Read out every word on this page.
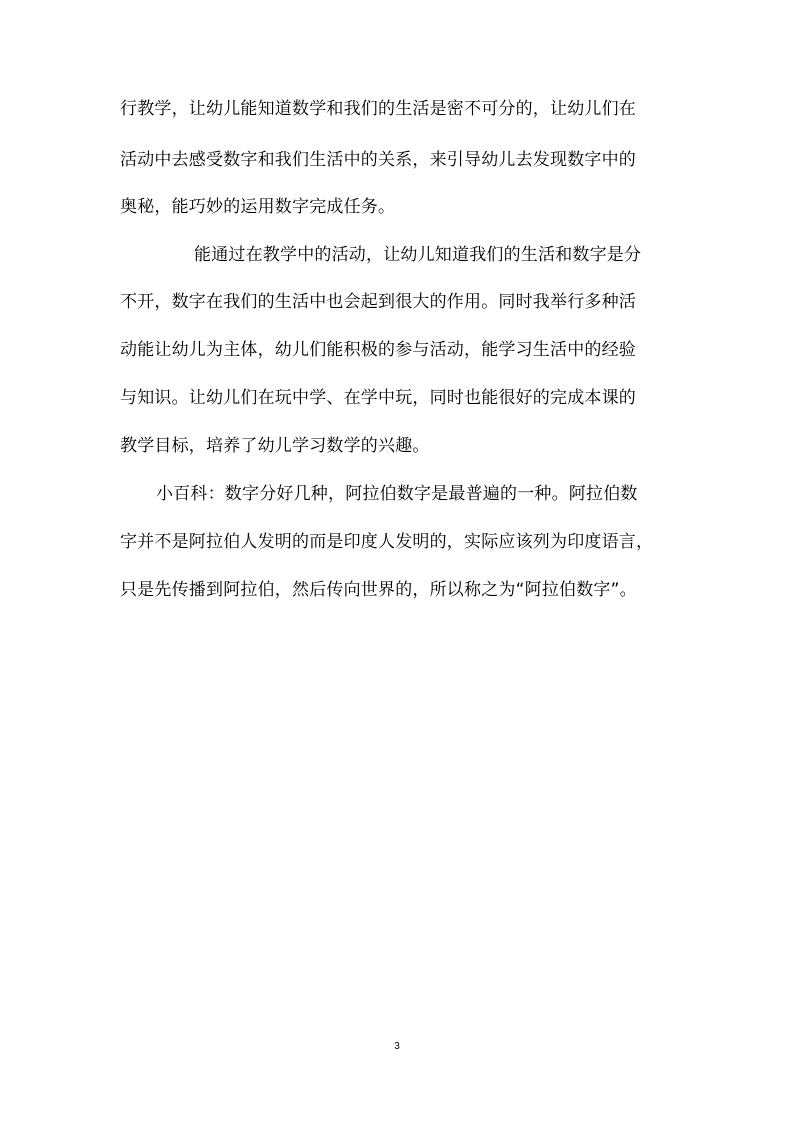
行教学，让幼儿能知道数学和我们的生活是密不可分的，让幼儿们在
活动中去感受数字和我们生活中的关系，来引导幼儿去发现数字中的
奥秘，能巧妙的运用数字完成任务。
能通过在教学中的活动，让幼儿知道我们的生活和数字是分
不开，数字在我们的生活中也会起到很大的作用。同时我举行多种活
动能让幼儿为主体，幼儿们能积极的参与活动，能学习生活中的经验
与知识。让幼儿们在玩中学、在学中玩，同时也能很好的完成本课的
教学目标，培养了幼儿学习数学的兴趣。
小百科：数字分好几种，阿拉伯数字是最普遍的一种。阿拉伯数
字并不是阿拉伯人发明的而是印度人发明的，实际应该列为印度语言，
只是先传播到阿拉伯，然后传向世界的，所以称之为“阿拉伯数字”。
3
